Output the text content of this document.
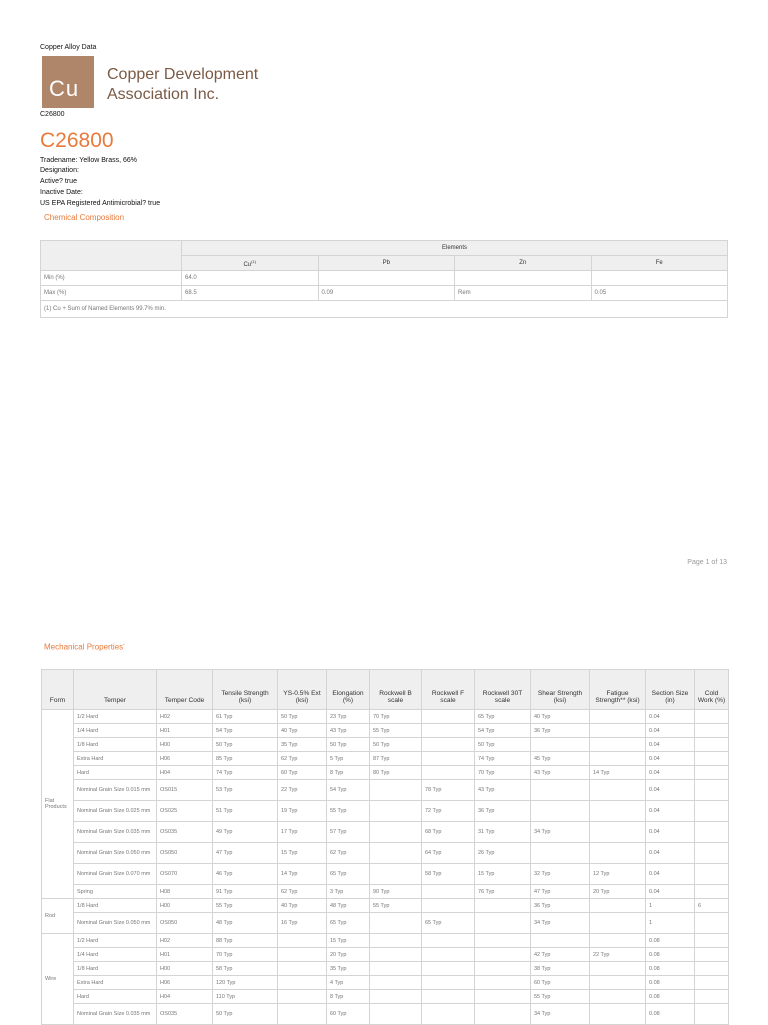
Copper Alloy Data
Cu
Copper Development
Association Inc.
C26800
C26800
Tradename: Yellow Brass, 66%
Designation:
Active? true
Inactive Date:
US EPA Registered Antimicrobial? true
Chemical Composition
	Elements			
	Cu$^{(1)}$	Pb	Zn	Fe
Min (%)	64.0			
Max (%)	68.5	0.09	Rem	0.05
(1) Cu + Sum of Named Elements 99.7% min.				
Page 1 of 13
Mechanical Properties*
Form	Temper	Temper Code	Tensile Strength (ksi)	YS-0.5% Ext (ksi)	Elongation (%)	Rockwell B scale	Rockwell F scale	Rockwell 30T scale	Shear Strength (ksi)	Fatigue Strength** (ksi)	Section Size (in)	Cold Work (%)
Flat Products	1/2 Hard	H02	61 Typ	50 Typ	23 Typ	70 Typ		65 Typ	40 Typ		0.04	
	1/4 Hard	H01	54 Typ	40 Typ	43 Typ	55 Typ		54 Typ	36 Typ		0.04	
	1/8 Hard	H00	50 Typ	35 Typ	50 Typ	50 Typ		50 Typ			0.04	
	Extra Hard	H06	85 Typ	62 Typ	5 Typ	87 Typ		74 Typ	45 Typ		0.04	
	Hard	H04	74 Typ	60 Typ	8 Typ	80 Typ		70 Typ	43 Typ	14 Typ	0.04	
	Nominal Grain Size 0.015 mm	OS015	53 Typ	22 Typ	54 Typ		78 Typ	43 Typ			0.04	
	Nominal Grain Size 0.025 mm	OS025	51 Typ	19 Typ	55 Typ		72 Typ	36 Typ			0.04	
	Nominal Grain Size 0.035 mm	OS035	49 Typ	17 Typ	57 Typ		68 Typ	31 Typ	34 Typ		0.04	
	Nominal Grain Size 0.050 mm	OS050	47 Typ	15 Typ	62 Typ		64 Typ	26 Typ			0.04	
	Nominal Grain Size 0.070 mm	OS070	46 Typ	14 Typ	65 Typ		58 Typ	15 Typ	32 Typ	12 Typ	0.04	
	Spring	H08	91 Typ	62 Typ	3 Typ	90 Typ		76 Typ	47 Typ	20 Typ	0.04	
Rod	1/8 Hard	H00	55 Typ	40 Typ	48 Typ	55 Typ			36 Typ		1	6
	Nominal Grain Size 0.050 mm	OS050	48 Typ	16 Typ	65 Typ		65 Typ		34 Typ		1	
Wire	1/2 Hard	H02	88 Typ		15 Typ						0.08	
	1/4 Hard	H01	70 Typ		20 Typ				42 Typ	22 Typ	0.08	
	1/8 Hard	H00	58 Typ		35 Typ				38 Typ		0.08	
	Extra Hard	H06	120 Typ		4 Typ				60 Typ		0.08	
	Hard	H04	110 Typ		8 Typ				55 Typ		0.08	
	Nominal Grain Size 0.035 mm	OS035	50 Typ		60 Typ				34 Typ		0.08	
